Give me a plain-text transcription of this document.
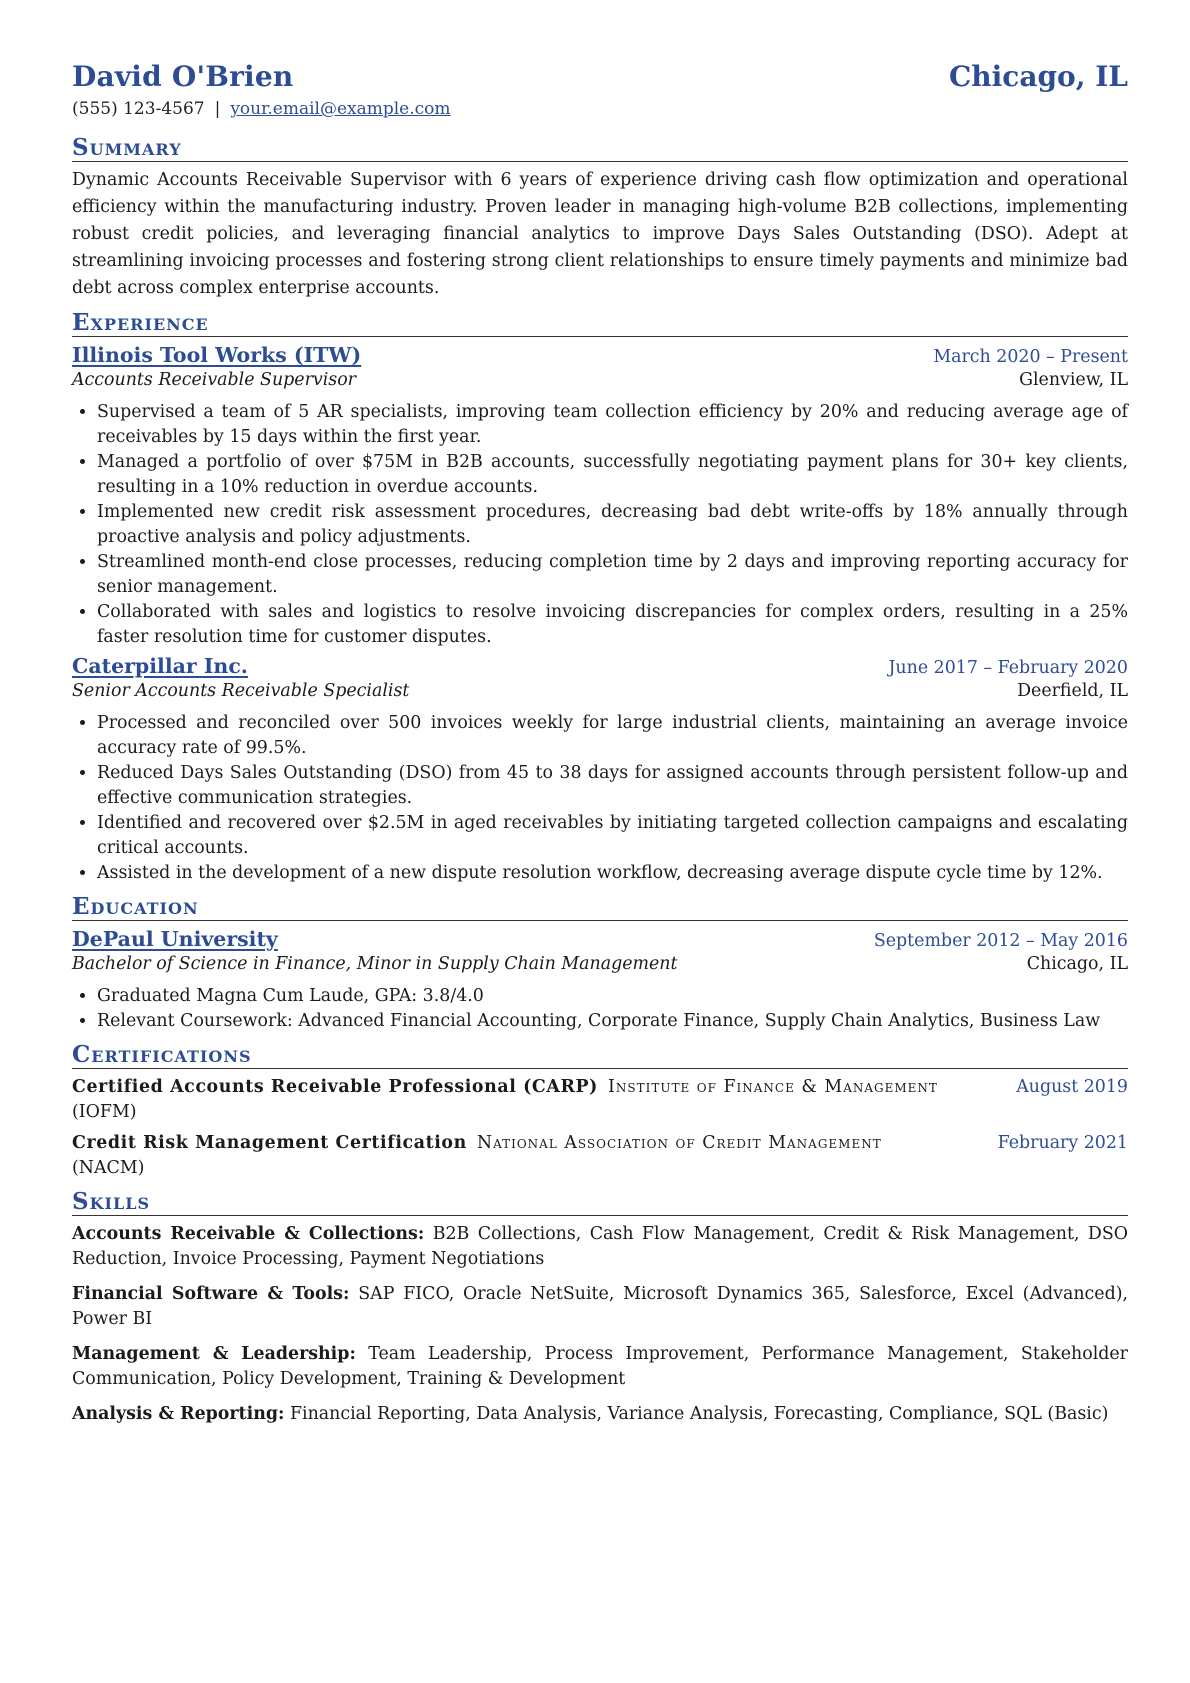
David O'Brien	Chicago, IL
(555) 123-4567 | your.email@example.com
Summary
Dynamic Accounts Receivable Supervisor with 6 years of experience driving cash flow optimization and operational efficiency within the manufacturing industry. Proven leader in managing high-volume B2B collections, implementing robust credit policies, and leveraging financial analytics to improve Days Sales Outstanding (DSO). Adept at streamlining invoicing processes and fostering strong client relationships to ensure timely payments and minimize bad debt across complex enterprise accounts.
Experience
Illinois Tool Works (ITW)	March 2020 – Present
Accounts Receivable Supervisor	Glenview, IL
• Supervised a team of 5 AR specialists, improving team collection efficiency by 20% and reducing average age of receivables by 15 days within the first year.
• Managed a portfolio of over $75M in B2B accounts, successfully negotiating payment plans for 30+ key clients, resulting in a 10% reduction in overdue accounts.
• Implemented new credit risk assessment procedures, decreasing bad debt write-offs by 18% annually through proactive analysis and policy adjustments.
• Streamlined month-end close processes, reducing completion time by 2 days and improving reporting accuracy for senior management.
• Collaborated with sales and logistics to resolve invoicing discrepancies for complex orders, resulting in a 25% faster resolution time for customer disputes.
Caterpillar Inc.	June 2017 – February 2020
Senior Accounts Receivable Specialist	Deerfield, IL
• Processed and reconciled over 500 invoices weekly for large industrial clients, maintaining an average invoice accuracy rate of 99.5%.
• Reduced Days Sales Outstanding (DSO) from 45 to 38 days for assigned accounts through persistent follow-up and effective communication strategies.
• Identified and recovered over $2.5M in aged receivables by initiating targeted collection campaigns and escalating critical accounts.
• Assisted in the development of a new dispute resolution workflow, decreasing average dispute cycle time by 12%.
Education
DePaul University	September 2012 – May 2016
Bachelor of Science in Finance, Minor in Supply Chain Management	Chicago, IL
• Graduated Magna Cum Laude, GPA: 3.8/4.0
• Relevant Coursework: Advanced Financial Accounting, Corporate Finance, Supply Chain Analytics, Business Law
Certifications
Certified Accounts Receivable Professional (CARP) Institute of Finance & Management	August 2019
(IOFM)
Credit Risk Management Certification National Association of Credit Management	February 2021
(NACM)
Skills
Accounts Receivable & Collections: B2B Collections, Cash Flow Management, Credit & Risk Management, DSO Reduction, Invoice Processing, Payment Negotiations
Financial Software & Tools: SAP FICO, Oracle NetSuite, Microsoft Dynamics 365, Salesforce, Excel (Advanced), Power BI
Management & Leadership: Team Leadership, Process Improvement, Performance Management, Stakeholder Communication, Policy Development, Training & Development
Analysis & Reporting: Financial Reporting, Data Analysis, Variance Analysis, Forecasting, Compliance, SQL (Basic)
